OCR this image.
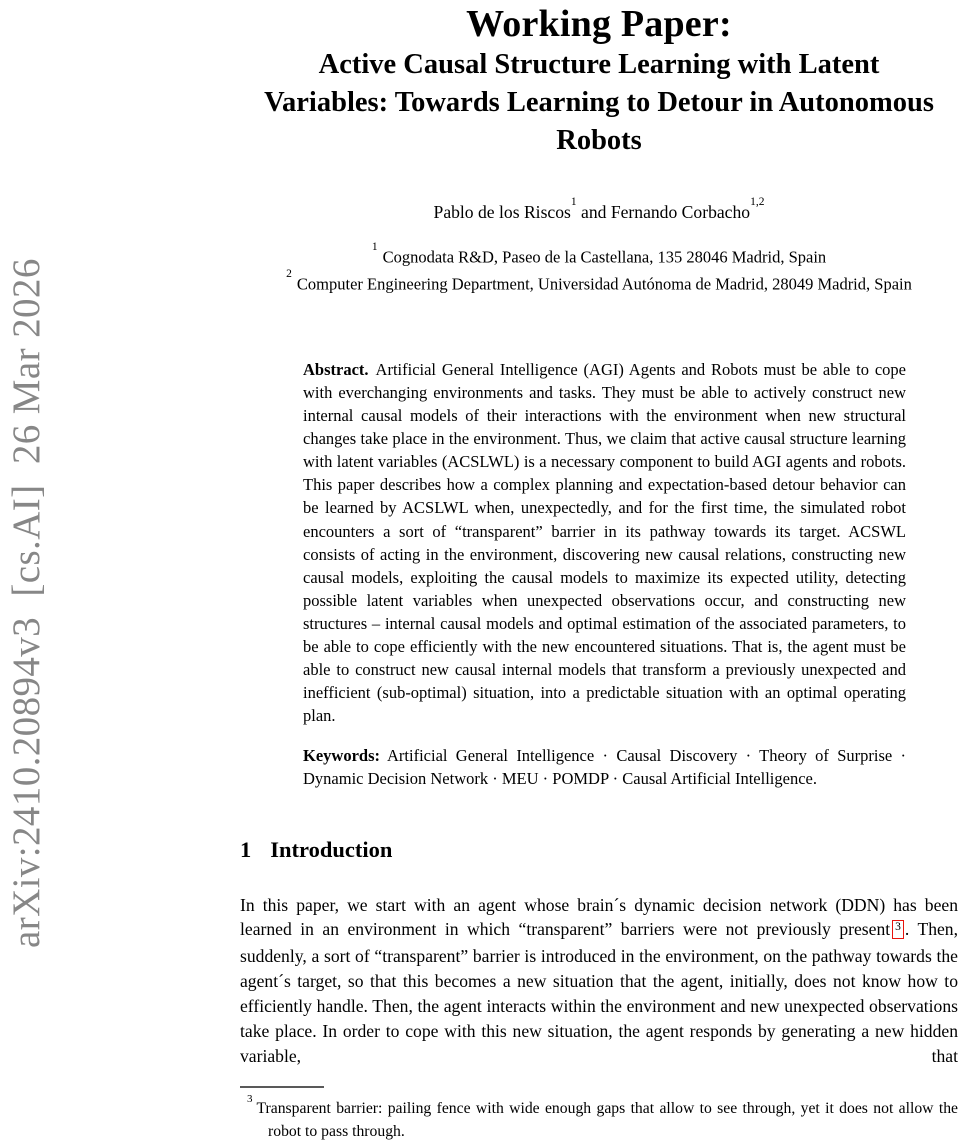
arXiv:2410.20894v3  [cs.AI]  26 Mar 2026
Working Paper:
Active Causal Structure Learning with Latent
Variables: Towards Learning to Detour in Autonomous
Robots
Pablo de los Riscos$^1$ and Fernando Corbacho$^{1,2}$
$^1$Cognodata R&D, Paseo de la Castellana, 135 28046 Madrid, Spain
$^2$Computer Engineering Department, Universidad Autónoma de Madrid, 28049 Madrid, Spain
Abstract. Artificial General Intelligence (AGI) Agents and Robots must be able to cope with everchanging environments and tasks. They must be able to actively construct new internal causal models of their interactions with the environment when new structural changes take place in the environment. Thus, we claim that active causal structure learning with latent variables (ACSLWL) is a necessary component to build AGI agents and robots. This paper describes how a complex planning and expectation-based detour behavior can be learned by ACSLWL when, unexpectedly, and for the first time, the simulated robot encounters a sort of “transparent” barrier in its pathway towards its target. ACSWL consists of acting in the environment, discovering new causal relations, constructing new causal models, exploiting the causal models to maximize its expected utility, detecting possible latent variables when unexpected observations occur, and constructing new structures – internal causal models and optimal estimation of the associated parameters, to be able to cope efficiently with the new encountered situations. That is, the agent must be able to construct new causal internal models that transform a previously unexpected and inefficient (sub-optimal) situation, into a predictable situation with an optimal operating plan.
Keywords: Artificial General Intelligence · Causal Discovery · Theory of Surprise · Dynamic Decision Network · MEU · POMDP · Causal Artificial Intelligence.
1 Introduction

In this paper, we start with an agent whose brain´s dynamic decision network (DDN) has been learned in an environment in which “transparent” barriers were not previously present 3 . Then, suddenly, a sort of “transparent” barrier is introduced in the environment, on the pathway towards the agent´s target, so that this becomes a new situation that the agent, initially, does not know how to efficiently handle. Then, the agent interacts within the environment and new unexpected observations take place. In order to cope with this new situation, the agent responds by generating a new hidden variable, that

$^3$Transparent barrier: pailing fence with wide enough gaps that allow to see through, yet it does not allow the robot to pass through.
